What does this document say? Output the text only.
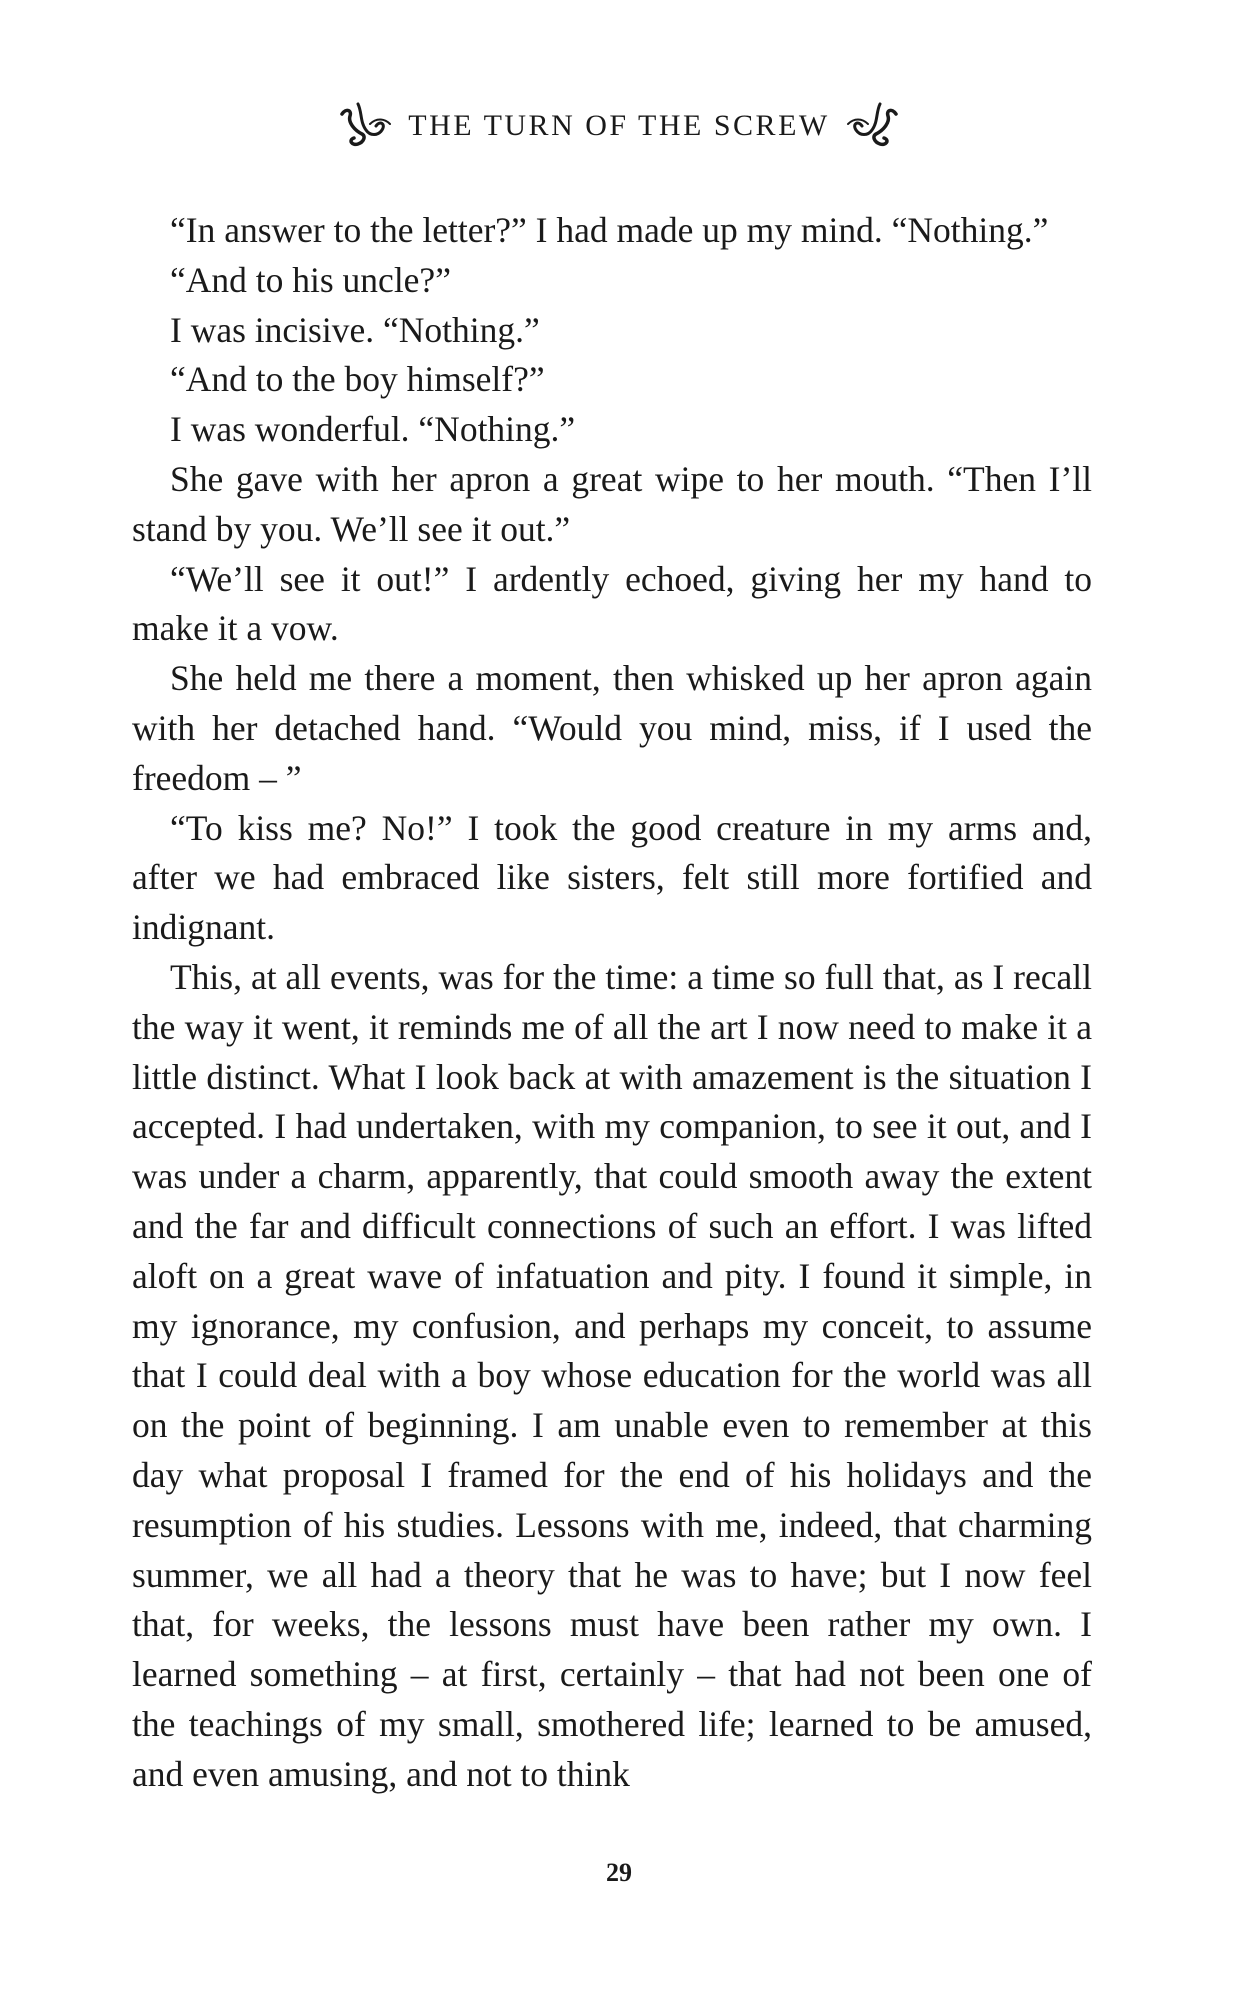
THE TURN OF THE SCREW

“In answer to the letter?” I had made up my mind. “Nothing.”

“And to his uncle?”

I was incisive. “Nothing.”

“And to the boy himself?”

I was wonderful. “Nothing.”

She gave with her apron a great wipe to her mouth. “Then I’ll stand by you. We’ll see it out.”

“We’ll see it out!” I ardently echoed, giving her my hand to make it a vow.

She held me there a moment, then whisked up her apron again with her detached hand. “Would you mind, miss, if I used the freedom – ”

“To kiss me? No!” I took the good creature in my arms and, after we had embraced like sisters, felt still more fortified and indignant.

This, at all events, was for the time: a time so full that, as I recall the way it went, it reminds me of all the art I now need to make it a little distinct. What I look back at with amazement is the situation I accepted. I had undertaken, with my companion, to see it out, and I was under a charm, apparently, that could smooth away the extent and the far and difficult connections of such an effort. I was lifted aloft on a great wave of infatuation and pity. I found it simple, in my ignorance, my confusion, and perhaps my conceit, to assume that I could deal with a boy whose education for the world was all on the point of beginning. I am unable even to remember at this day what proposal I framed for the end of his holidays and the resumption of his studies. Lessons with me, indeed, that charming summer, we all had a theory that he was to have; but I now feel that, for weeks, the lessons must have been rather my own. I learned something – at first, certainly – that had not been one of the teachings of my small, smothered life; learned to be amused, and even amusing, and not to think

29
